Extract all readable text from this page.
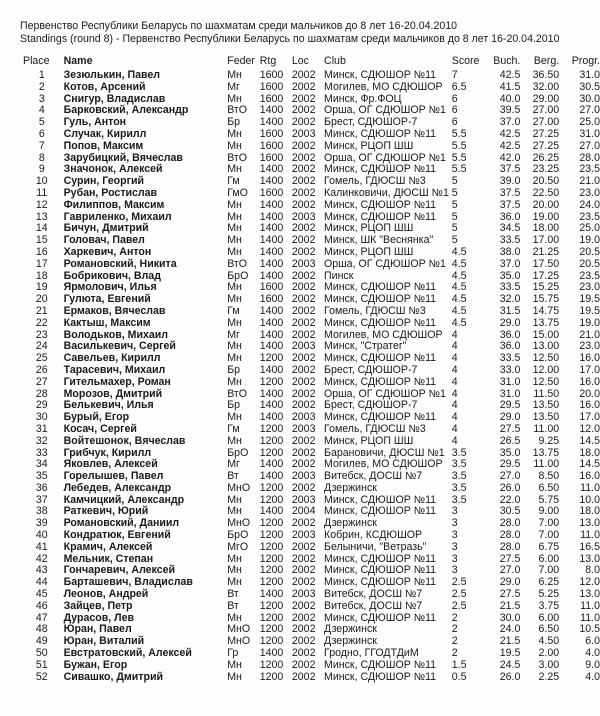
Первенство Республики Беларусь по шахматам среди мальчиков до 8 лет 16-20.04.2010
Standings (round 8) - Первенство Республики Беларусь по шахматам среди мальчиков до 8 лет 16-20.04.2010
Place	Name	Feder	Rtg	Loc	Club	Score	Buch.	Berg.	Progr.
1	Зезюлькин, Павел	Мн	1600	2002	Минск, СДЮШОР №11	7	42.5	36.50	31.0
2	Котов, Арсений	Мг	1600	2002	Могилев, МО СДЮШОР	6.5	41.5	32.00	30.5
3	Снигур, Владислав	Мн	1600	2002	Минск, Фр.ФОЦ	6	40.0	29.00	30.0
4	Барковский, Александр	ВтО	1400	2002	Орша, ОГ СДЮШОР №1	6	39.5	27.00	27.0
5	Гуль, Антон	Бр	1400	2002	Брест, СДЮШОР-7	6	37.0	27.00	25.0
6	Случак, Кирилл	Мн	1600	2003	Минск, СДЮШОР №11	5.5	42.5	27.25	31.0
7	Попов, Максим	Мн	1600	2002	Минск, РЦОП ШШ	5.5	42.5	27.25	27.0
8	Зарубицкий, Вячеслав	ВтО	1600	2002	Орша, ОГ СДЮШОР №1	5.5	42.0	26.25	28.0
9	Значонок, Алексей	Мн	1400	2002	Минск, СДЮШОР №11	5.5	37.5	23.25	23.5
10	Сурин, Георгий	Гм	1400	2002	Гомель, ГДЮСШ №3	5	39.0	20.50	21.0
11	Рубан, Ростислав	ГмО	1600	2002	Калинковичи, ДЮСШ №1	5	37.5	22.50	23.0
12	Филиппов, Максим	Мн	1400	2002	Минск, СДЮШОР №11	5	37.5	20.00	24.0
13	Гавриленко, Михаил	Мн	1400	2003	Минск, СДЮШОР №11	5	36.0	19.00	23.5
14	Бичун, Дмитрий	Мн	1400	2002	Минск, РЦОП ШШ	5	34.5	18.00	25.0
15	Головач, Павел	Мн	1400	2002	Минск, ШК "Веснянка"	5	33.5	17.00	19.0
16	Харкевич, Антон	Мн	1400	2002	Минск, РЦОП ШШ	4.5	38.0	21.25	20.5
17	Романовский, Никита	ВтО	1400	2003	Орша, ОГ СДЮШОР №1	4.5	37.0	17.50	20.5
18	Бобрикович, Влад	БрО	1400	2002	Пинск	4.5	35.0	17.25	23.5
19	Ярмолович, Илья	Мн	1600	2002	Минск, СДЮШОР №11	4.5	33.5	15.25	23.0
20	Гулюта, Евгений	Мн	1600	2002	Минск, СДЮШОР №11	4.5	32.0	15.75	19.5
21	Ермаков, Вячеслав	Гм	1400	2002	Гомель, ГДЮСШ №3	4.5	31.5	14.75	19.5
22	Кактыш, Максим	Мн	1400	2002	Минск, СДЮШОР №11	4.5	29.0	13.75	19.0
23	Володьков, Михаил	Мг	1400	2002	Могилев, МО СДЮШОР	4	36.0	15.00	21.0
24	Василькевич, Сергей	Мн	1400	2003	Минск, "Стратег"	4	36.0	13.00	23.0
25	Савельев, Кирилл	Мн	1200	2002	Минск, СДЮШОР №11	4	33.5	12.50	16.0
26	Тарасевич, Михаил	Бр	1400	2002	Брест, СДЮШОР-7	4	33.0	12.00	17.0
27	Гительмахер, Роман	Мн	1200	2002	Минск, СДЮШОР №11	4	31.0	12.50	16.0
28	Морозов, Дмитрий	ВтО	1400	2002	Орша, ОГ СДЮШОР №1	4	31.0	11.50	20.0
29	Белькевич, Илья	Бр	1400	2002	Брест, СДЮШОР-7	4	29.5	13.50	16.0
30	Бурый, Егор	Мн	1400	2003	Минск, СДЮШОР №11	4	29.0	13.50	17.0
31	Косач, Сергей	Гм	1200	2003	Гомель, ГДЮСШ №3	4	27.5	11.00	12.0
32	Войтешонок, Вячеслав	Мн	1200	2002	Минск, РЦОП ШШ	4	26.5	9.25	14.5
33	Грибчук, Кирилл	БрО	1200	2002	Барановичи, ДЮСШ №1	3.5	35.0	13.75	18.0
34	Яковлев, Алексей	Мг	1400	2002	Могилев, МО СДЮШОР	3.5	29.5	11.00	14.5
35	Горелышев, Павел	Вт	1400	2003	Витебск, ДОСШ №7	3.5	27.0	8.50	16.0
36	Лебедев, Александр	МнО	1200	2002	Дзержинск	3.5	26.0	6.50	11.0
37	Камчицкий, Александр	Мн	1200	2003	Минск, СДЮШОР №11	3.5	22.0	5.75	10.0
38	Раткевич, Юрий	Мн	1400	2004	Минск, СДЮШОР №11	3	30.5	9.00	18.0
39	Романовский, Даниил	МнО	1200	2002	Дзержинск	3	28.0	7.00	13.0
40	Кондратюк, Евгений	БрО	1200	2003	Кобрин, КСДЮШОР	3	28.0	7.00	11.0
41	Крамич, Алексей	МгО	1200	2002	Белыничи, "Ветразь"	3	28.0	6.75	16.5
42	Мельник, Степан	Мн	1200	2002	Минск, СДЮШОР №11	3	27.5	6.00	13.0
43	Гончаревич, Алексей	Мн	1200	2002	Минск, СДЮШОР №11	3	27.0	7.00	8.0
44	Барташевич, Владислав	Мн	1200	2002	Минск, СДЮШОР №11	2.5	29.0	6.25	12.0
45	Леонов, Андрей	Вт	1400	2003	Витебск, ДОСШ №7	2.5	27.5	5.25	13.0
46	Зайцев, Петр	Вт	1200	2002	Витебск, ДОСШ №7	2.5	21.5	3.75	11.0
47	Дурасов, Лев	Мн	1200	2002	Минск, СДЮШОР №11	2	30.0	6.00	11.0
48	Юран, Павел	МнО	1200	2002	Дзержинск	2	24.0	6.50	10.5
49	Юран, Виталий	МнО	1200	2002	Дзержинск	2	21.5	4.50	6.0
50	Евстратовский, Алексей	Гр	1400	2002	Гродно, ГГОДТДиМ	2	19.5	2.00	4.0
51	Бужан, Егор	Мн	1200	2002	Минск, СДЮШОР №11	1.5	24.5	3.00	9.0
52	Сивашко, Дмитрий	Мн	1200	2002	Минск, СДЮШОР №11	0.5	26.0	2.25	4.0
